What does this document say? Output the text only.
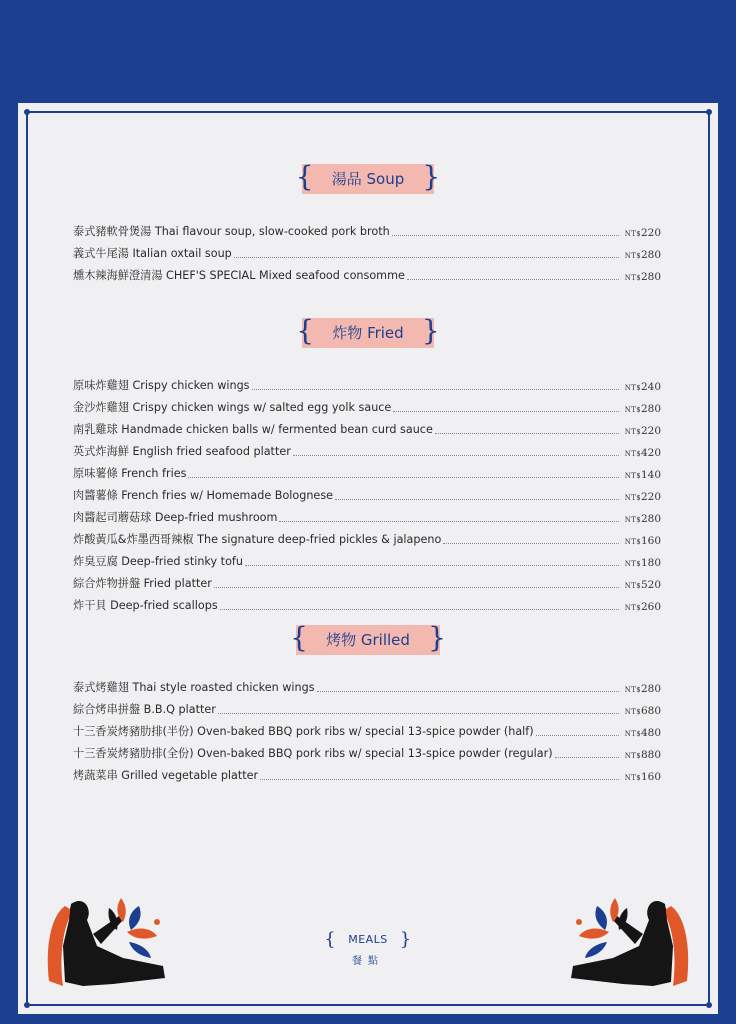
{ 湯品 Soup }
泰式豬軟骨煲湯 Thai flavour soup, slow-cooked pork broth	NT$220
義式牛尾湯 Italian oxtail soup	NT$280
燻木辣海鮮澄清湯 CHEF'S SPECIAL Mixed seafood consomme	NT$280
{ 炸物 Fried }
原味炸雞翅 Crispy chicken wings	NT$240
金沙炸雞翅 Crispy chicken wings w/ salted egg yolk sauce	NT$280
南乳雞球 Handmade chicken balls w/ fermented bean curd sauce	NT$220
英式炸海鮮 English fried seafood platter	NT$420
原味薯條 French fries	NT$140
肉醬薯條 French fries w/ Homemade Bolognese	NT$220
肉醬起司蘑菇球 Deep-fried mushroom	NT$280
炸酸黃瓜&炸墨西哥辣椒 The signature deep-fried pickles & jalapeno	NT$160
炸臭豆腐 Deep-fried stinky tofu	NT$180
綜合炸物拼盤 Fried platter	NT$520
炸干貝 Deep-fried scallops	NT$260
{ 烤物 Grilled }
泰式烤雞翅 Thai style roasted chicken wings	NT$280
綜合烤串拼盤 B.B.Q platter	NT$680
十三香炭烤豬肋排(半份) Oven-baked BBQ pork ribs w/ special 13-spice powder (half)	NT$480
十三香炭烤豬肋排(全份) Oven-baked BBQ pork ribs w/ special 13-spice powder (regular)	NT$880
烤蔬菜串 Grilled vegetable platter	NT$160
{ MEALS }
餐點
